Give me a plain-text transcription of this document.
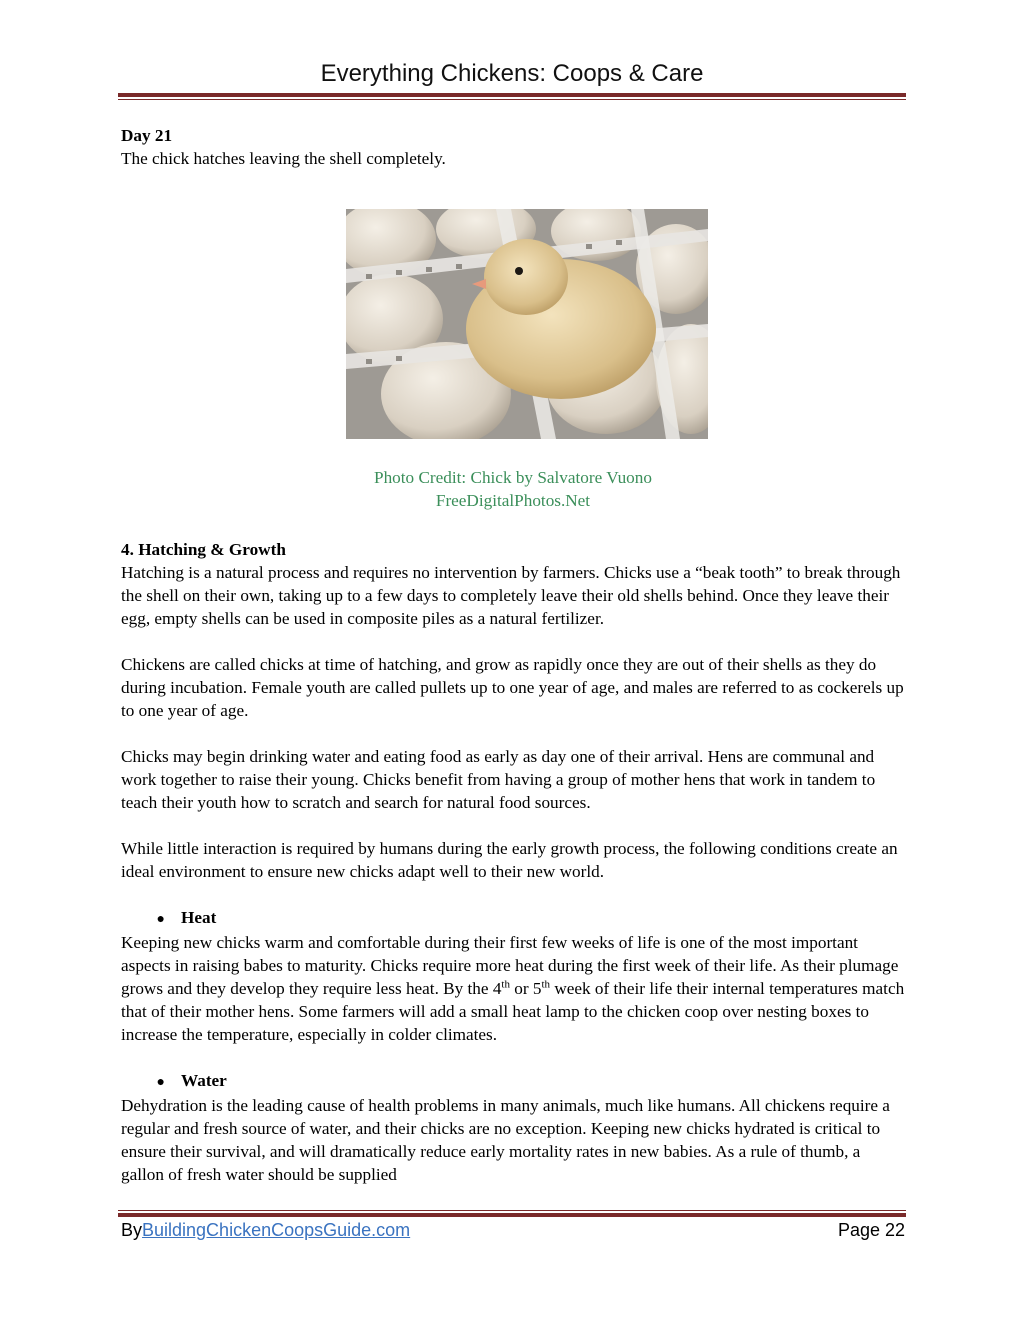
Everything Chickens: Coops & Care

Day 21

The chick hatches leaving the shell completely.

Photo Credit: Chick by Salvatore Vuono

FreeDigitalPhotos.Net

4. Hatching & Growth

Hatching is a natural process and requires no intervention by farmers. Chicks use a “beak tooth” to break through the shell on their own, taking up to a few days to completely leave their old shells behind. Once they leave their egg, empty shells can be used in composite piles as a natural fertilizer.

Chickens are called chicks at time of hatching, and grow as rapidly once they are out of their shells as they do during incubation. Female youth are called pullets up to one year of age, and males are referred to as cockerels up to one year of age.

Chicks may begin drinking water and eating food as early as day one of their arrival. Hens are communal and work together to raise their young. Chicks benefit from having a group of mother hens that work in tandem to teach their youth how to scratch and search for natural food sources.

While little interaction is required by humans during the early growth process, the following conditions create an ideal environment to ensure new chicks adapt well to their new world.

● Heat

Keeping new chicks warm and comfortable during their first few weeks of life is one of the most important aspects in raising babes to maturity. Chicks require more heat during the first week of their life. As their plumage grows and they develop they require less heat. By the 4th or 5th week of their life their internal temperatures match that of their mother hens. Some farmers will add a small heat lamp to the chicken coop over nesting boxes to increase the temperature, especially in colder climates.

● Water

Dehydration is the leading cause of health problems in many animals, much like humans. All chickens require a regular and fresh source of water, and their chicks are no exception. Keeping new chicks hydrated is critical to ensure their survival, and will dramatically reduce early mortality rates in new babies. As a rule of thumb, a gallon of fresh water should be supplied

ByBuildingChickenCoopsGuide.com	Page 22
